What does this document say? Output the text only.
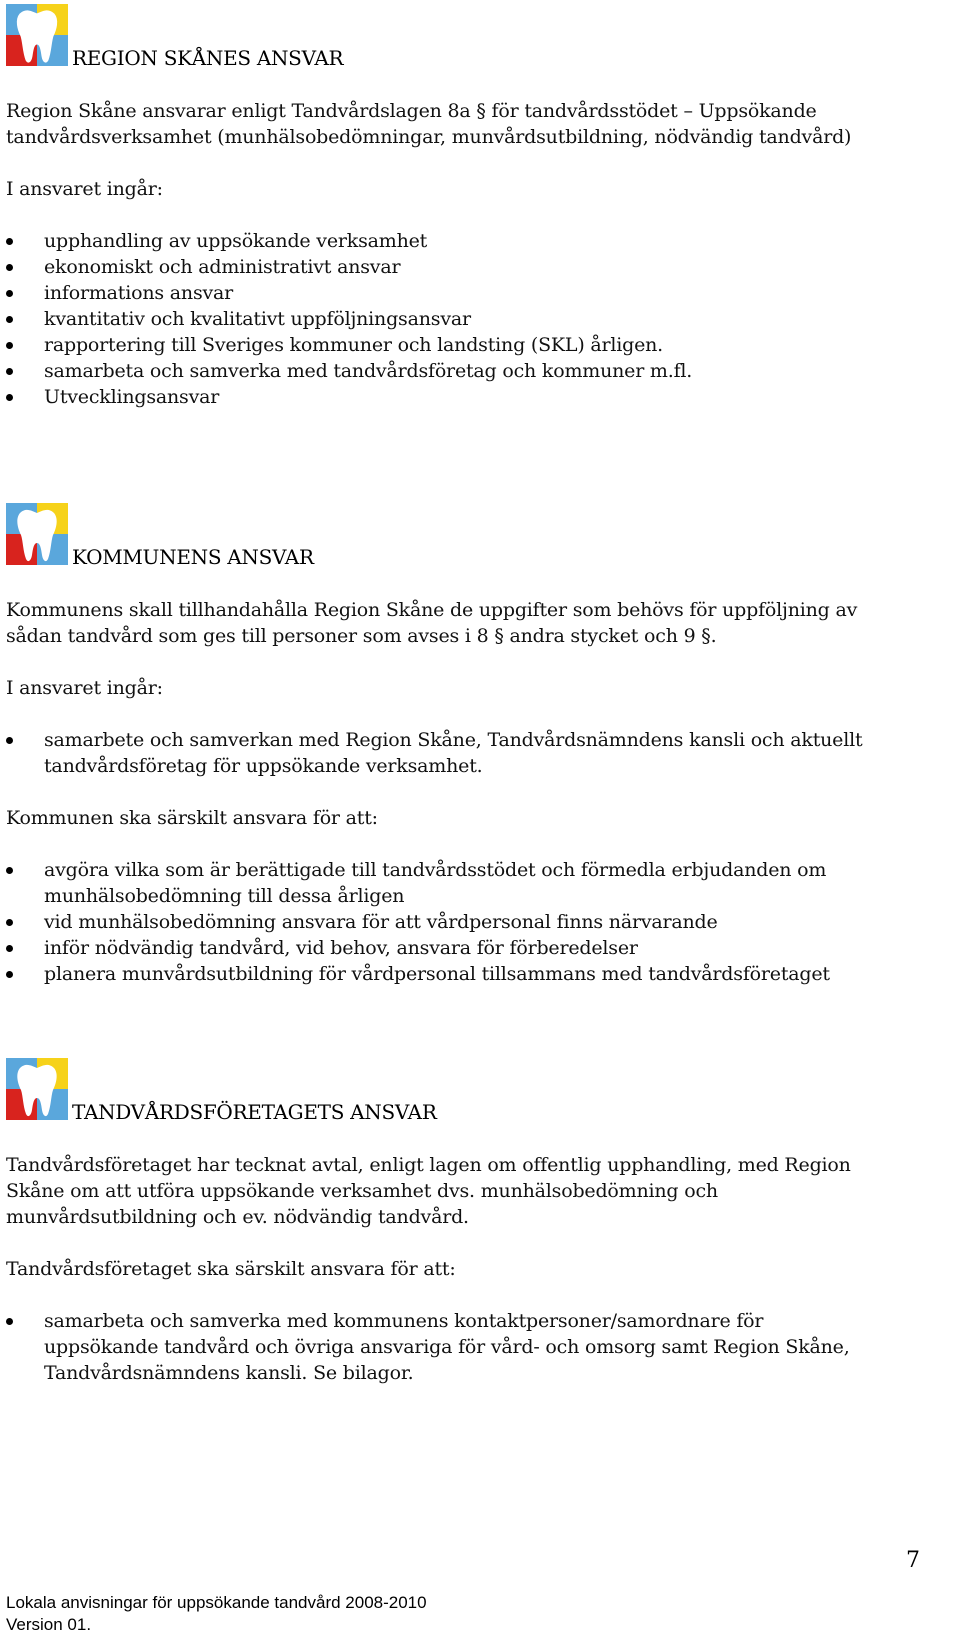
REGION SKÅNES ANSVAR

Region Skåne ansvarar enligt Tandvårdslagen 8a § för tandvårdsstödet – Uppsökande tandvårdsverksamhet (munhälsobedömningar, munvårdsutbildning, nödvändig tandvård)

I ansvaret ingår:

upphandling av uppsökande verksamhet
ekonomiskt och administrativt ansvar
informations ansvar
kvantitativ och kvalitativt uppföljningsansvar
rapportering till Sveriges kommuner och landsting (SKL) årligen.
samarbeta och samverka med tandvårdsföretag och kommuner m.fl.
Utvecklingsansvar
KOMMUNENS ANSVAR

Kommunens skall tillhandahålla Region Skåne de uppgifter som behövs för uppföljning av sådan tandvård som ges till personer som avses i 8 § andra stycket och 9 §.

I ansvaret ingår:

samarbete och samverkan med Region Skåne, Tandvårdsnämndens kansli och aktuellt tandvårdsföretag för uppsökande verksamhet.

Kommunen ska särskilt ansvara för att:

avgöra vilka som är berättigade till tandvårdsstödet och förmedla erbjudanden om munhälsobedömning till dessa årligen
vid munhälsobedömning ansvara för att vårdpersonal finns närvarande
inför nödvändig tandvård, vid behov, ansvara för förberedelser
planera munvårdsutbildning för vårdpersonal tillsammans med tandvårdsföretaget
TANDVÅRDSFÖRETAGETS ANSVAR

Tandvårdsföretaget har tecknat avtal, enligt lagen om offentlig upphandling, med Region Skåne om att utföra uppsökande verksamhet dvs. munhälsobedömning och munvårdsutbildning och ev. nödvändig tandvård.

Tandvårdsföretaget ska särskilt ansvara för att:

samarbeta och samverka med kommunens kontaktpersoner/samordnare för uppsökande tandvård och övriga ansvariga för vård- och omsorg samt Region Skåne, Tandvårdsnämndens kansli. Se bilagor.
7
Lokala anvisningar för uppsökande tandvård 2008-2010
Version 01.
